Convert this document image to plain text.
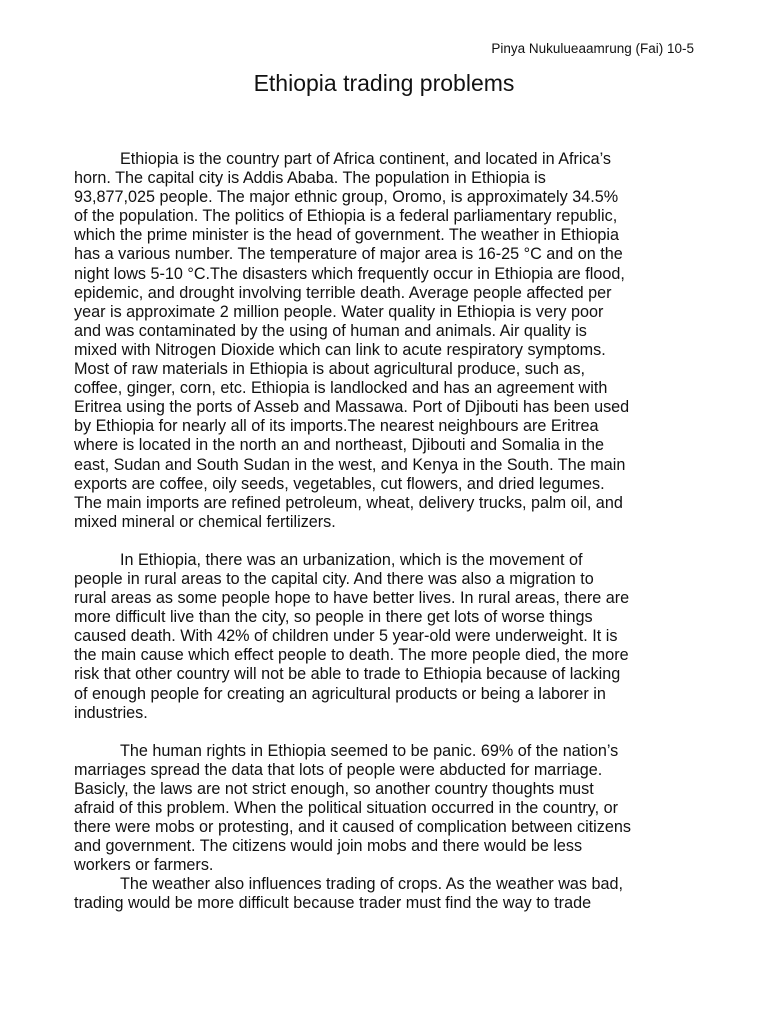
Pinya Nukulueaamrung (Fai) 10-5
Ethiopia trading problems

Ethiopia is the country part of Africa continent, and located in Africa’s
horn. The capital city is Addis Ababa. The population in Ethiopia is
93,877,025 people. The major ethnic group, Oromo, is approximately 34.5%
of the population. The politics of Ethiopia is a federal parliamentary republic,
which the prime minister is the head of government. The weather in Ethiopia
has a various number. The temperature of major area is 16-25 °C and on the
night lows 5-10 °C.The disasters which frequently occur in Ethiopia are flood,
epidemic, and drought involving terrible death. Average people affected per
year is approximate 2 million people. Water quality in Ethiopia is very poor
and was contaminated by the using of human and animals. Air quality is
mixed with Nitrogen Dioxide which can link to acute respiratory symptoms.
Most of raw materials in Ethiopia is about agricultural produce, such as,
coffee, ginger, corn, etc. Ethiopia is landlocked and has an agreement with
Eritrea using the ports of Asseb and Massawa. Port of Djibouti has been used
by Ethiopia for nearly all of its imports.The nearest neighbours are Eritrea
where is located in the north an and northeast, Djibouti and Somalia in the
east, Sudan and South Sudan in the west, and Kenya in the South. The main
exports are coffee, oily seeds, vegetables, cut flowers, and dried legumes.
The main imports are refined petroleum, wheat, delivery trucks, palm oil, and
mixed mineral or chemical fertilizers.

In Ethiopia, there was an urbanization, which is the movement of
people in rural areas to the capital city. And there was also a migration to
rural areas as some people hope to have better lives. In rural areas, there are
more difficult live than the city, so people in there get lots of worse things
caused death. With 42% of children under 5 year-old were underweight. It is
the main cause which effect people to death. The more people died, the more
risk that other country will not be able to trade to Ethiopia because of lacking
of enough people for creating an agricultural products or being a laborer in
industries.

The human rights in Ethiopia seemed to be panic. 69% of the nation’s
marriages spread the data that lots of people were abducted for marriage.
Basicly, the laws are not strict enough, so another country thoughts must
afraid of this problem. When the political situation occurred in the country, or
there were mobs or protesting, and it caused of complication between citizens
and government. The citizens would join mobs and there would be less
workers or farmers.

The weather also influences trading of crops. As the weather was bad,
trading would be more difficult because trader must find the way to trade
